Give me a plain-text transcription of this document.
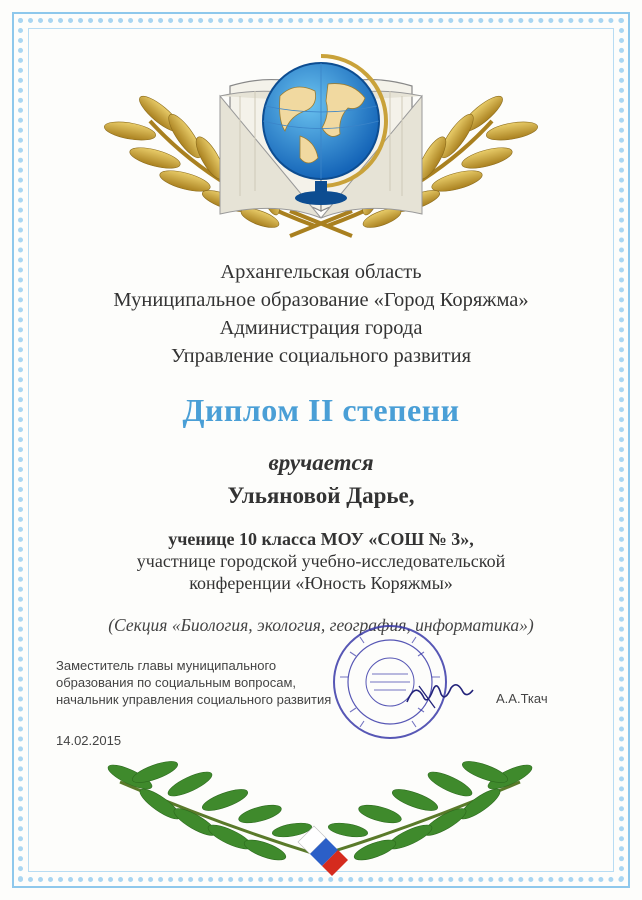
Архангельская область
Муниципальное образование «Город Коряжма»
Администрация города
Управление социального развития
Диплом II степени
вручается
Ульяновой Дарье,
ученице 10 класса МОУ «СОШ № 3»,
участнице городской учебно-исследовательской
конференции «Юность Коряжмы»
(Секция «Биология, экология, география, информатика»)
Заместитель главы муниципального
образования по социальным вопросам,
начальник управления социального развития	А.А.Ткач
14.02.2015
